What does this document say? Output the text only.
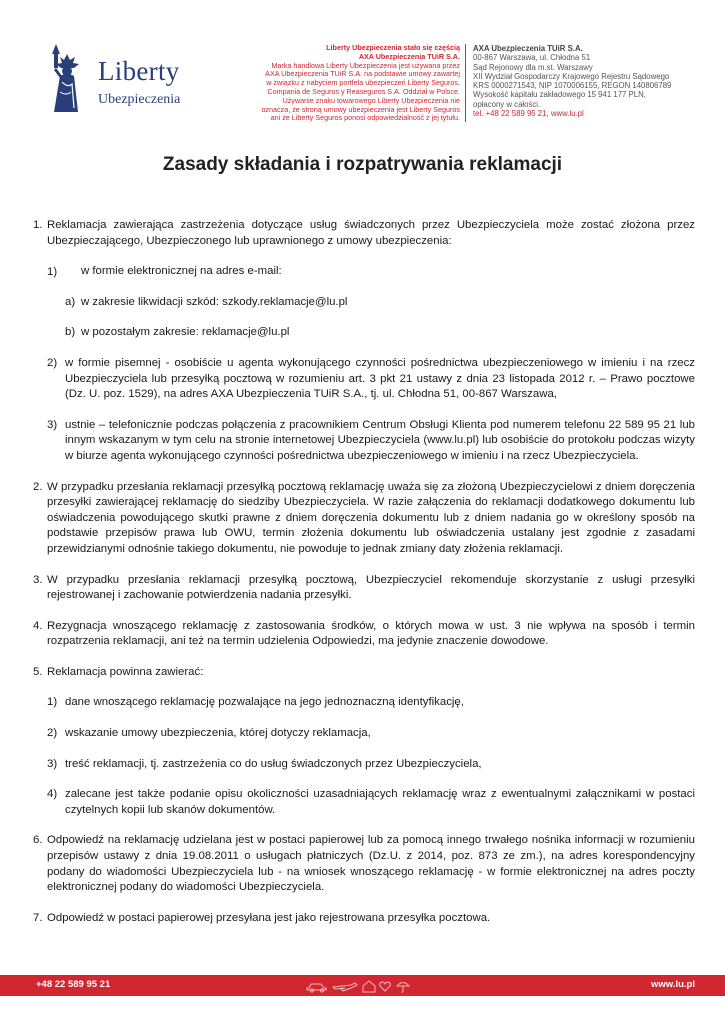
Liberty
Ubezpieczenia
Liberty Ubezpieczenia stało się częścią
AXA Ubezpieczenia TUiR S.A.
Marka handlowa Liberty Ubezpieczenia jest używana przez
AXA Ubezpieczenia TUiR S.A. na podstawie umowy zawartej
w związku z nabyciem portfela ubezpieczeń Liberty Seguros,
Compania de Seguros y Reaseguros S.A. Oddział w Polsce.
Używanie znaku towarowego Liberty Ubezpieczenia nie
oznacza, że stroną umowy ubezpieczenia jest Liberty Seguros
ani że Liberty Seguros ponosi odpowiedzialność z jej tytułu.
AXA Ubezpieczenia TUiR S.A.
00-867 Warszawa, ul. Chłodna 51
Sąd Rejonowy dla m.st. Warszawy
XII Wydział Gospodarczy Krajowego Rejestru Sądowego
KRS 0000271543, NIP 1070006155, REGON 140806789
Wysokość kapitału zakładowego 15 941 177 PLN,
opłacony w całości.
tel. +48 22 589 95 21, www.lu.pl
Zasady składania i rozpatrywania reklamacji
1. Reklamacja zawierająca zastrzeżenia dotyczące usług świadczonych przez Ubezpieczyciela może zostać złożona przez Ubezpieczającego, Ubezpieczonego lub uprawnionego z umowy ubezpieczenia:
1) w formie elektronicznej na adres e-mail:
a) w zakresie likwidacji szkód: szkody.reklamacje@lu.pl
b) w pozostałym zakresie: reklamacje@lu.pl
2) w formie pisemnej - osobiście u agenta wykonującego czynności pośrednictwa ubezpieczeniowego w imieniu i na rzecz Ubezpieczyciela lub przesyłką pocztową w rozumieniu art. 3 pkt 21 ustawy z dnia 23 listopada 2012 r. – Prawo pocztowe (Dz. U. poz. 1529), na adres AXA Ubezpieczenia TUiR S.A., tj. ul. Chłodna 51, 00-867 Warszawa,
3) ustnie – telefonicznie podczas połączenia z pracownikiem Centrum Obsługi Klienta pod numerem telefonu 22 589 95 21 lub innym wskazanym w tym celu na stronie internetowej Ubezpieczyciela (www.lu.pl) lub osobiście do protokołu podczas wizyty w biurze agenta wykonującego czynności pośrednictwa ubezpieczeniowego w imieniu i na rzecz Ubezpieczyciela.
2. W przypadku przesłania reklamacji przesyłką pocztową reklamację uważa się za złożoną Ubezpieczycielowi z dniem doręczenia przesyłki zawierającej reklamację do siedziby Ubezpieczyciela. W razie załączenia do reklamacji dodatkowego dokumentu lub oświadczenia powodującego skutki prawne z dniem doręczenia dokumentu lub z dniem nadania go w określony sposób na podstawie przepisów prawa lub OWU, termin złożenia dokumentu lub oświadczenia ustalany jest zgodnie z zasadami przewidzianymi odnośnie takiego dokumentu, nie powoduje to jednak zmiany daty złożenia reklamacji.
3. W przypadku przesłania reklamacji przesyłką pocztową, Ubezpieczyciel rekomenduje skorzystanie z usługi przesyłki rejestrowanej i zachowanie potwierdzenia nadania przesyłki.
4. Rezygnacja wnoszącego reklamację z zastosowania środków, o których mowa w ust. 3 nie wpływa na sposób i termin rozpatrzenia reklamacji, ani też na termin udzielenia Odpowiedzi, ma jedynie znaczenie dowodowe.
5. Reklamacja powinna zawierać:
1) dane wnoszącego reklamację pozwalające na jego jednoznaczną identyfikację,
2) wskazanie umowy ubezpieczenia, której dotyczy reklamacja,
3) treść reklamacji, tj. zastrzeżenia co do usług świadczonych przez Ubezpieczyciela,
4) zalecane jest także podanie opisu okoliczności uzasadniających reklamację wraz z ewentualnymi załącznikami w postaci czytelnych kopii lub skanów dokumentów.
6. Odpowiedź na reklamację udzielana jest w postaci papierowej lub za pomocą innego trwałego nośnika informacji w rozumieniu przepisów ustawy z dnia 19.08.2011 o usługach płatniczych (Dz.U. z 2014, poz. 873 ze zm.), na adres korespondencyjny podany do wiadomości Ubezpieczyciela lub - na wniosek wnoszącego reklamację - w formie elektronicznej na adres poczty elektronicznej podany do wiadomości Ubezpieczyciela.
7. Odpowiedź w postaci papierowej przesyłana jest jako rejestrowana przesyłka pocztowa.
+48 22 589 95 21	www.lu.pl
